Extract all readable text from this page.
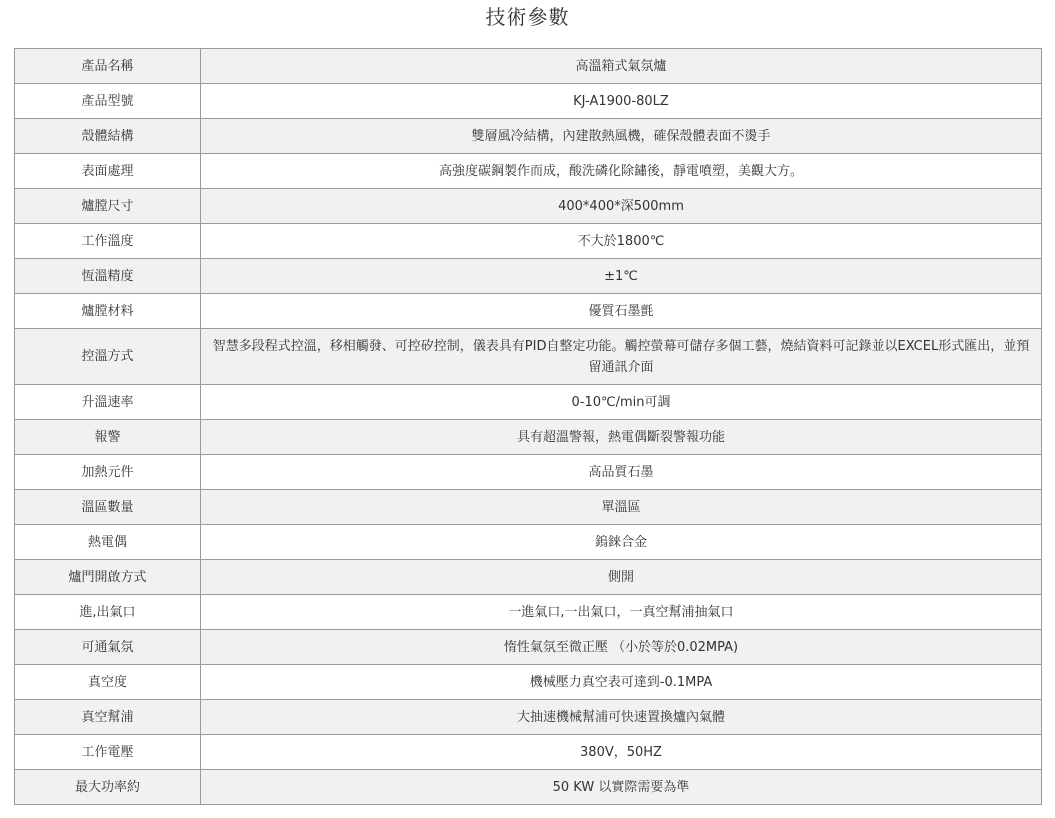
技術參數
產品名稱	高溫箱式氣氛爐
產品型號	KJ-A1900-80LZ
殼體結構	雙層風冷結構，內建散熱風機，確保殼體表面不燙手
表面處理	高強度碳鋼製作而成，酸洗磷化除鏽後，靜電噴塑，美觀大方。
爐膛尺寸	400*400*深500mm
工作溫度	不大於1800℃
恆溫精度	±1℃
爐膛材料	優質石墨氈
控溫方式	智慧多段程式控溫，移相觸發、可控矽控制，儀表具有PID自整定功能。觸控螢幕可儲存多個工藝，燒結資料可記錄並以EXCEL形式匯出，並預留通訊介面
升溫速率	0-10℃/min可調
報警	具有超溫警報，熱電偶斷裂警報功能
加熱元件	高品質石墨
溫區數量	單溫區
熱電偶	鎢錸合金
爐門開啟方式	側開
進,出氣口	一進氣口,一出氣口，一真空幫浦抽氣口
可通氣氛	惰性氣氛至微正壓 （小於等於0.02MPA)
真空度	機械壓力真空表可達到-0.1MPA
真空幫浦	大抽速機械幫浦可快速置換爐內氣體
工作電壓	380V，50HZ
最大功率約	50 KW 以實際需要為準
